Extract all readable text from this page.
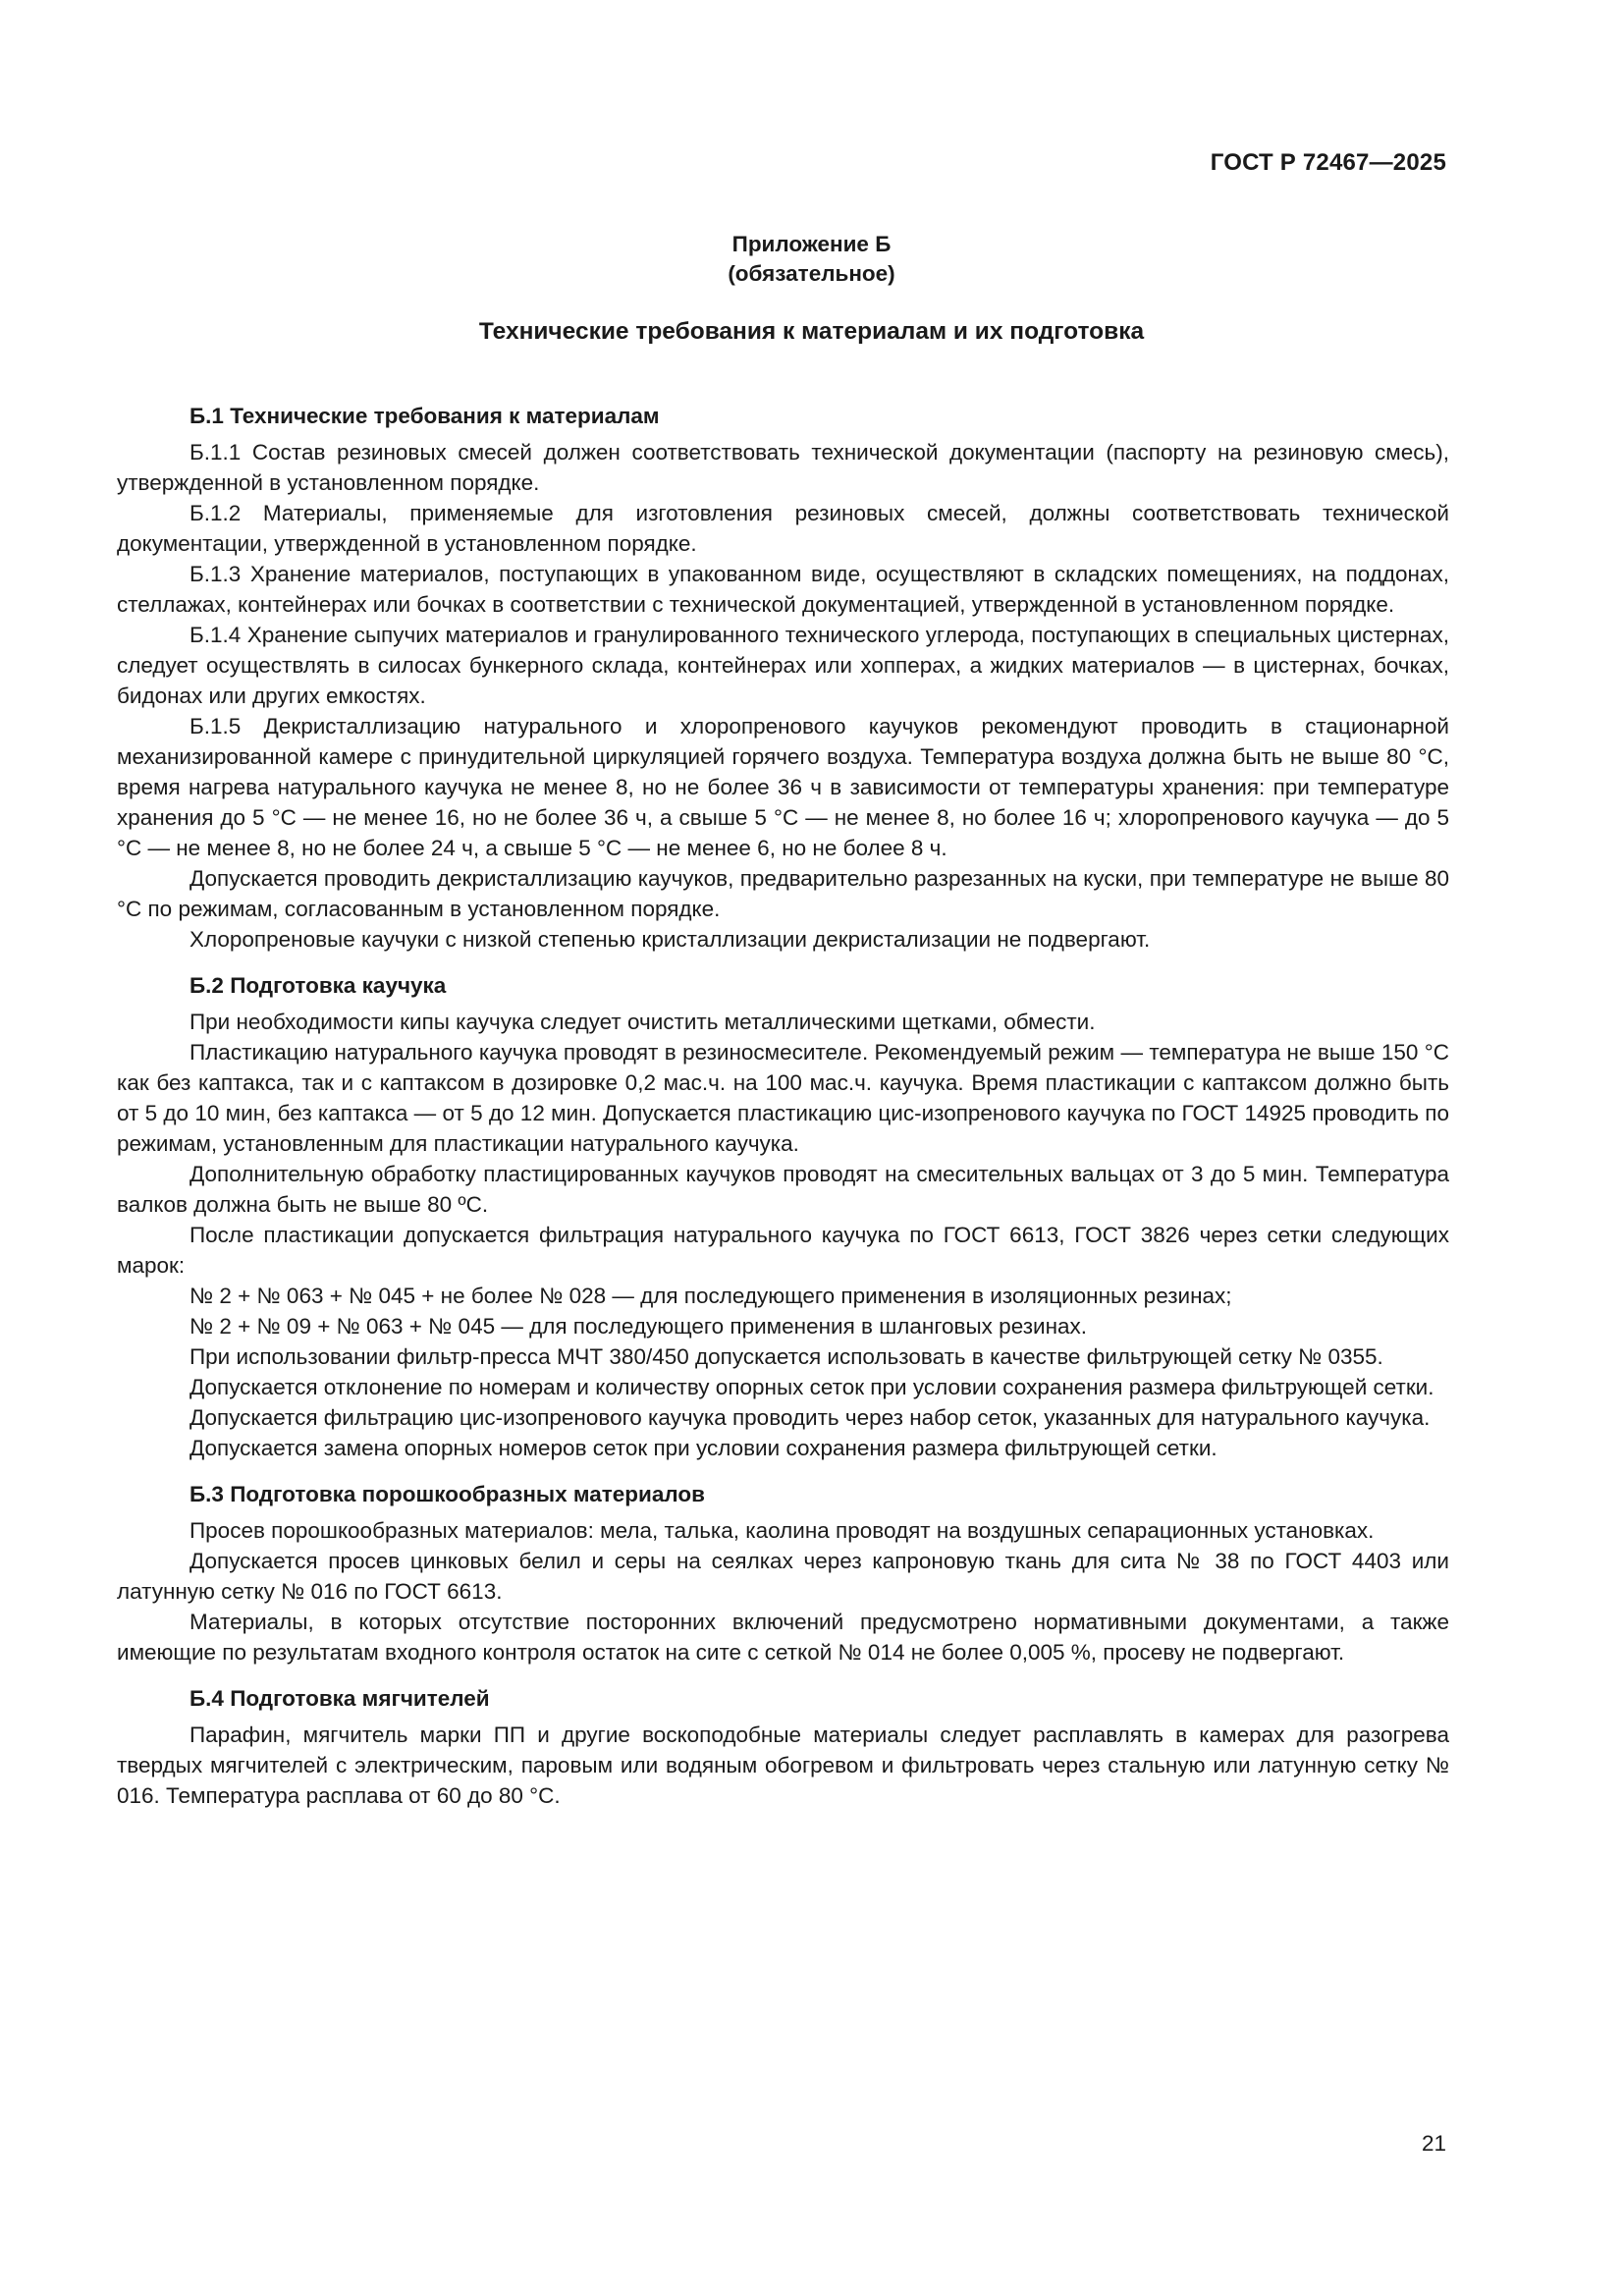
ГОСТ Р 72467—2025
Приложение Б
(обязательное)
Технические требования к материалам и их подготовка
Б.1 Технические требования к материалам

Б.1.1 Состав резиновых смесей должен соответствовать технической документации (паспорту на резиновую смесь), утвержденной в установленном порядке.

Б.1.2 Материалы, применяемые для изготовления резиновых смесей, должны соответствовать технической документации, утвержденной в установленном порядке.

Б.1.3 Хранение материалов, поступающих в упакованном виде, осуществляют в складских помещениях, на поддонах, стеллажах, контейнерах или бочках в соответствии с технической документацией, утвержденной в установленном порядке.

Б.1.4 Хранение сыпучих материалов и гранулированного технического углерода, поступающих в специальных цистернах, следует осуществлять в силосах бункерного склада, контейнерах или хопперах, а жидких материалов — в цистернах, бочках, бидонах или других емкостях.

Б.1.5 Декристаллизацию натурального и хлоропренового каучуков рекомендуют проводить в стационарной механизированной камере с принудительной циркуляцией горячего воздуха. Температура воздуха должна быть не выше 80 °С, время нагрева натурального каучука не менее 8, но не более 36 ч в зависимости от температуры хранения: при температуре хранения до 5 °С — не менее 16, но не более 36 ч, а свыше 5 °С — не менее 8, но более 16 ч; хлоропренового каучука — до 5 °С — не менее 8, но не более 24 ч, а свыше 5 °С — не менее 6, но не более 8 ч.

Допускается проводить декристаллизацию каучуков, предварительно разрезанных на куски, при температуре не выше 80 °С по режимам, согласованным в установленном порядке.

Хлоропреновые каучуки с низкой степенью кристаллизации декристализации не подвергают.

Б.2 Подготовка каучука

При необходимости кипы каучука следует очистить металлическими щетками, обмести.

Пластикацию натурального каучука проводят в резиносмесителе. Рекомендуемый режим — температура не выше 150 °С как без каптакса, так и с каптаксом в дозировке 0,2 мас.ч. на 100 мас.ч. каучука. Время пластикации с каптаксом должно быть от 5 до 10 мин, без каптакса — от 5 до 12 мин. Допускается пластикацию цис-изопренового каучука по ГОСТ 14925 проводить по режимам, установленным для пластикации натурального каучука.

Дополнительную обработку пластицированных каучуков проводят на смесительных вальцах от 3 до 5 мин. Температура валков должна быть не выше 80 ºС.

После пластикации допускается фильтрация натурального каучука по ГОСТ 6613, ГОСТ 3826 через сетки следующих марок:

№ 2 + № 063 + № 045 + не более № 028 — для последующего применения в изоляционных резинах;

№ 2 + № 09 + № 063 + № 045 — для последующего применения в шланговых резинах.

При использовании фильтр-пресса МЧТ 380/450 допускается использовать в качестве фильтрующей сетку № 0355.

Допускается отклонение по номерам и количеству опорных сеток при условии сохранения размера фильтрующей сетки.

Допускается фильтрацию цис-изопренового каучука проводить через набор сеток, указанных для натурального каучука.

Допускается замена опорных номеров сеток при условии сохранения размера фильтрующей сетки.

Б.3 Подготовка порошкообразных материалов

Просев порошкообразных материалов: мела, талька, каолина проводят на воздушных сепарационных установках.

Допускается просев цинковых белил и серы на сеялках через капроновую ткань для сита № 38 по ГОСТ 4403 или латунную сетку № 016 по ГОСТ 6613.

Материалы, в которых отсутствие посторонних включений предусмотрено нормативными документами, а также имеющие по результатам входного контроля остаток на сите с сеткой № 014 не более 0,005 %, просеву не подвергают.

Б.4 Подготовка мягчителей

Парафин, мягчитель марки ПП и другие воскоподобные материалы следует расплавлять в камерах для разогрева твердых мягчителей с электрическим, паровым или водяным обогревом и фильтровать через стальную или латунную сетку № 016. Температура расплава от 60 до 80 °С.

21
